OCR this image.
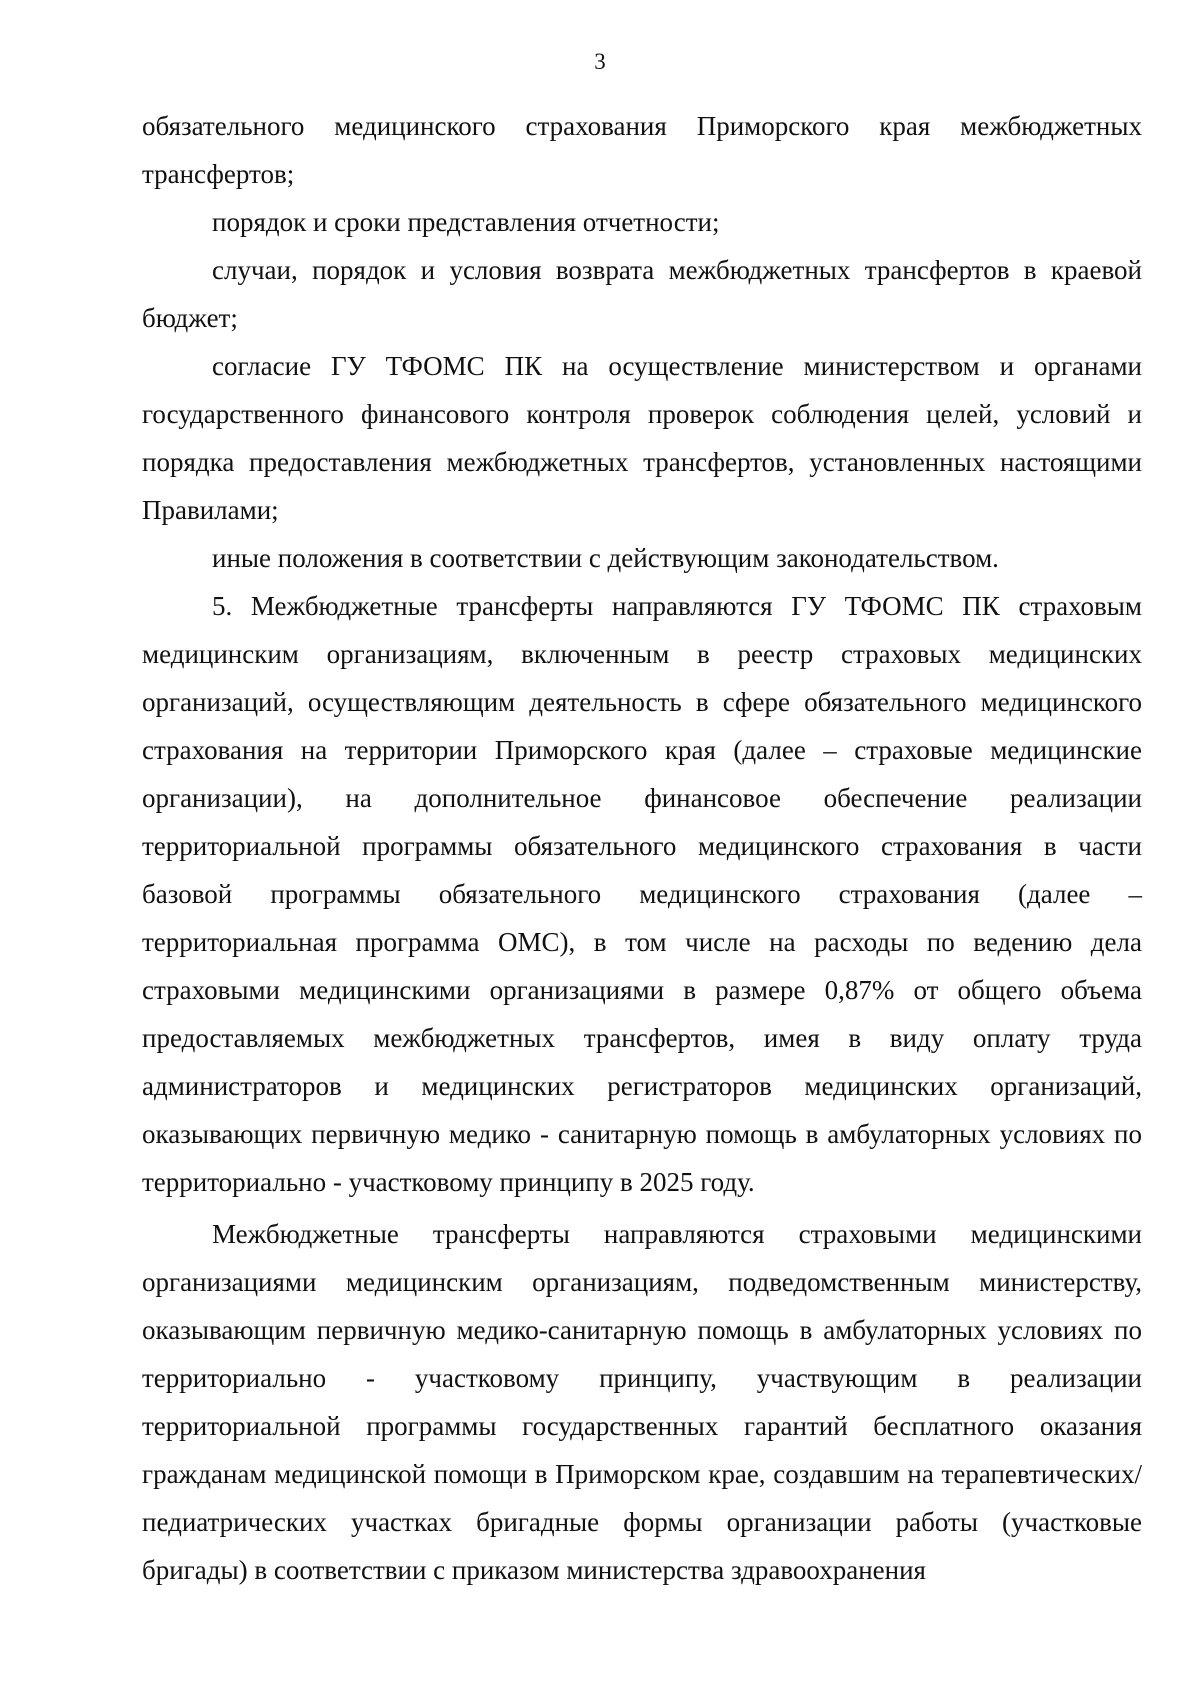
3

обязательного медицинского страхования Приморского края межбюджетных трансфертов;

порядок и сроки представления отчетности;

случаи, порядок и условия возврата межбюджетных трансфертов в краевой бюджет;

согласие ГУ ТФОМС ПК на осуществление министерством и органами государственного финансового контроля проверок соблюдения целей, условий и порядка предоставления межбюджетных трансфертов, установленных настоящими Правилами;

иные положения в соответствии с действующим законодательством.

5. Межбюджетные трансферты направляются ГУ ТФОМС ПК страховым медицинским организациям, включенным в реестр страховых медицинских организаций, осуществляющим деятельность в сфере обязательного медицинского страхования на территории Приморского края (далее – страховые медицинские организации), на дополнительное финансовое обеспечение реализации территориальной программы обязательного медицинского страхования в части базовой программы обязательного медицинского страхования (далее – территориальная программа ОМС), в том числе на расходы по ведению дела страховыми медицинскими организациями в размере 0,87% от общего объема предоставляемых межбюджетных трансфертов, имея в виду оплату труда администраторов и медицинских регистраторов медицинских организаций, оказывающих первичную медико - санитарную помощь в амбулаторных условиях по территориально - участковому принципу в 2025 году.

Межбюджетные трансферты направляются страховыми медицинскими организациями медицинским организациям, подведомственным министерству, оказывающим первичную медико-санитарную помощь в амбулаторных условиях по территориально - участковому принципу, участвующим в реализации территориальной программы государственных гарантий бесплатного оказания гражданам медицинской помощи в Приморском крае, создавшим на терапевтических/педиатрических участках бригадные формы организации работы (участковые бригады) в соответствии с приказом министерства здравоохранения
